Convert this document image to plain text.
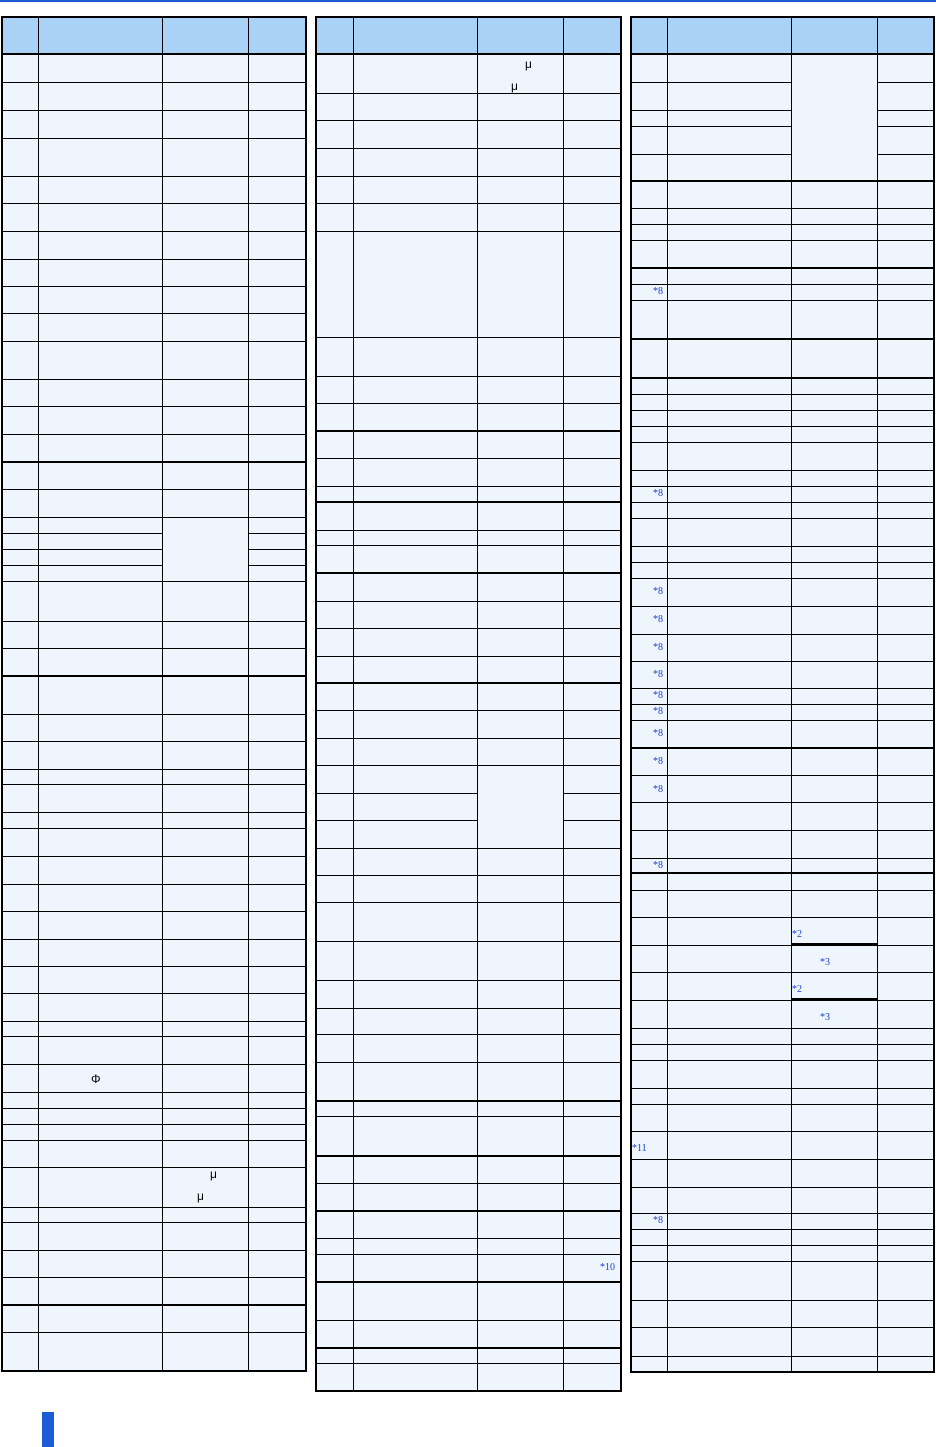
*8
*8
*8
*8
*8
*8
*8
*8
*8
*8
*8
*8
*8
*2
*3
*2
*3
*10
*11
μ
μ
μ
μ
Φ
